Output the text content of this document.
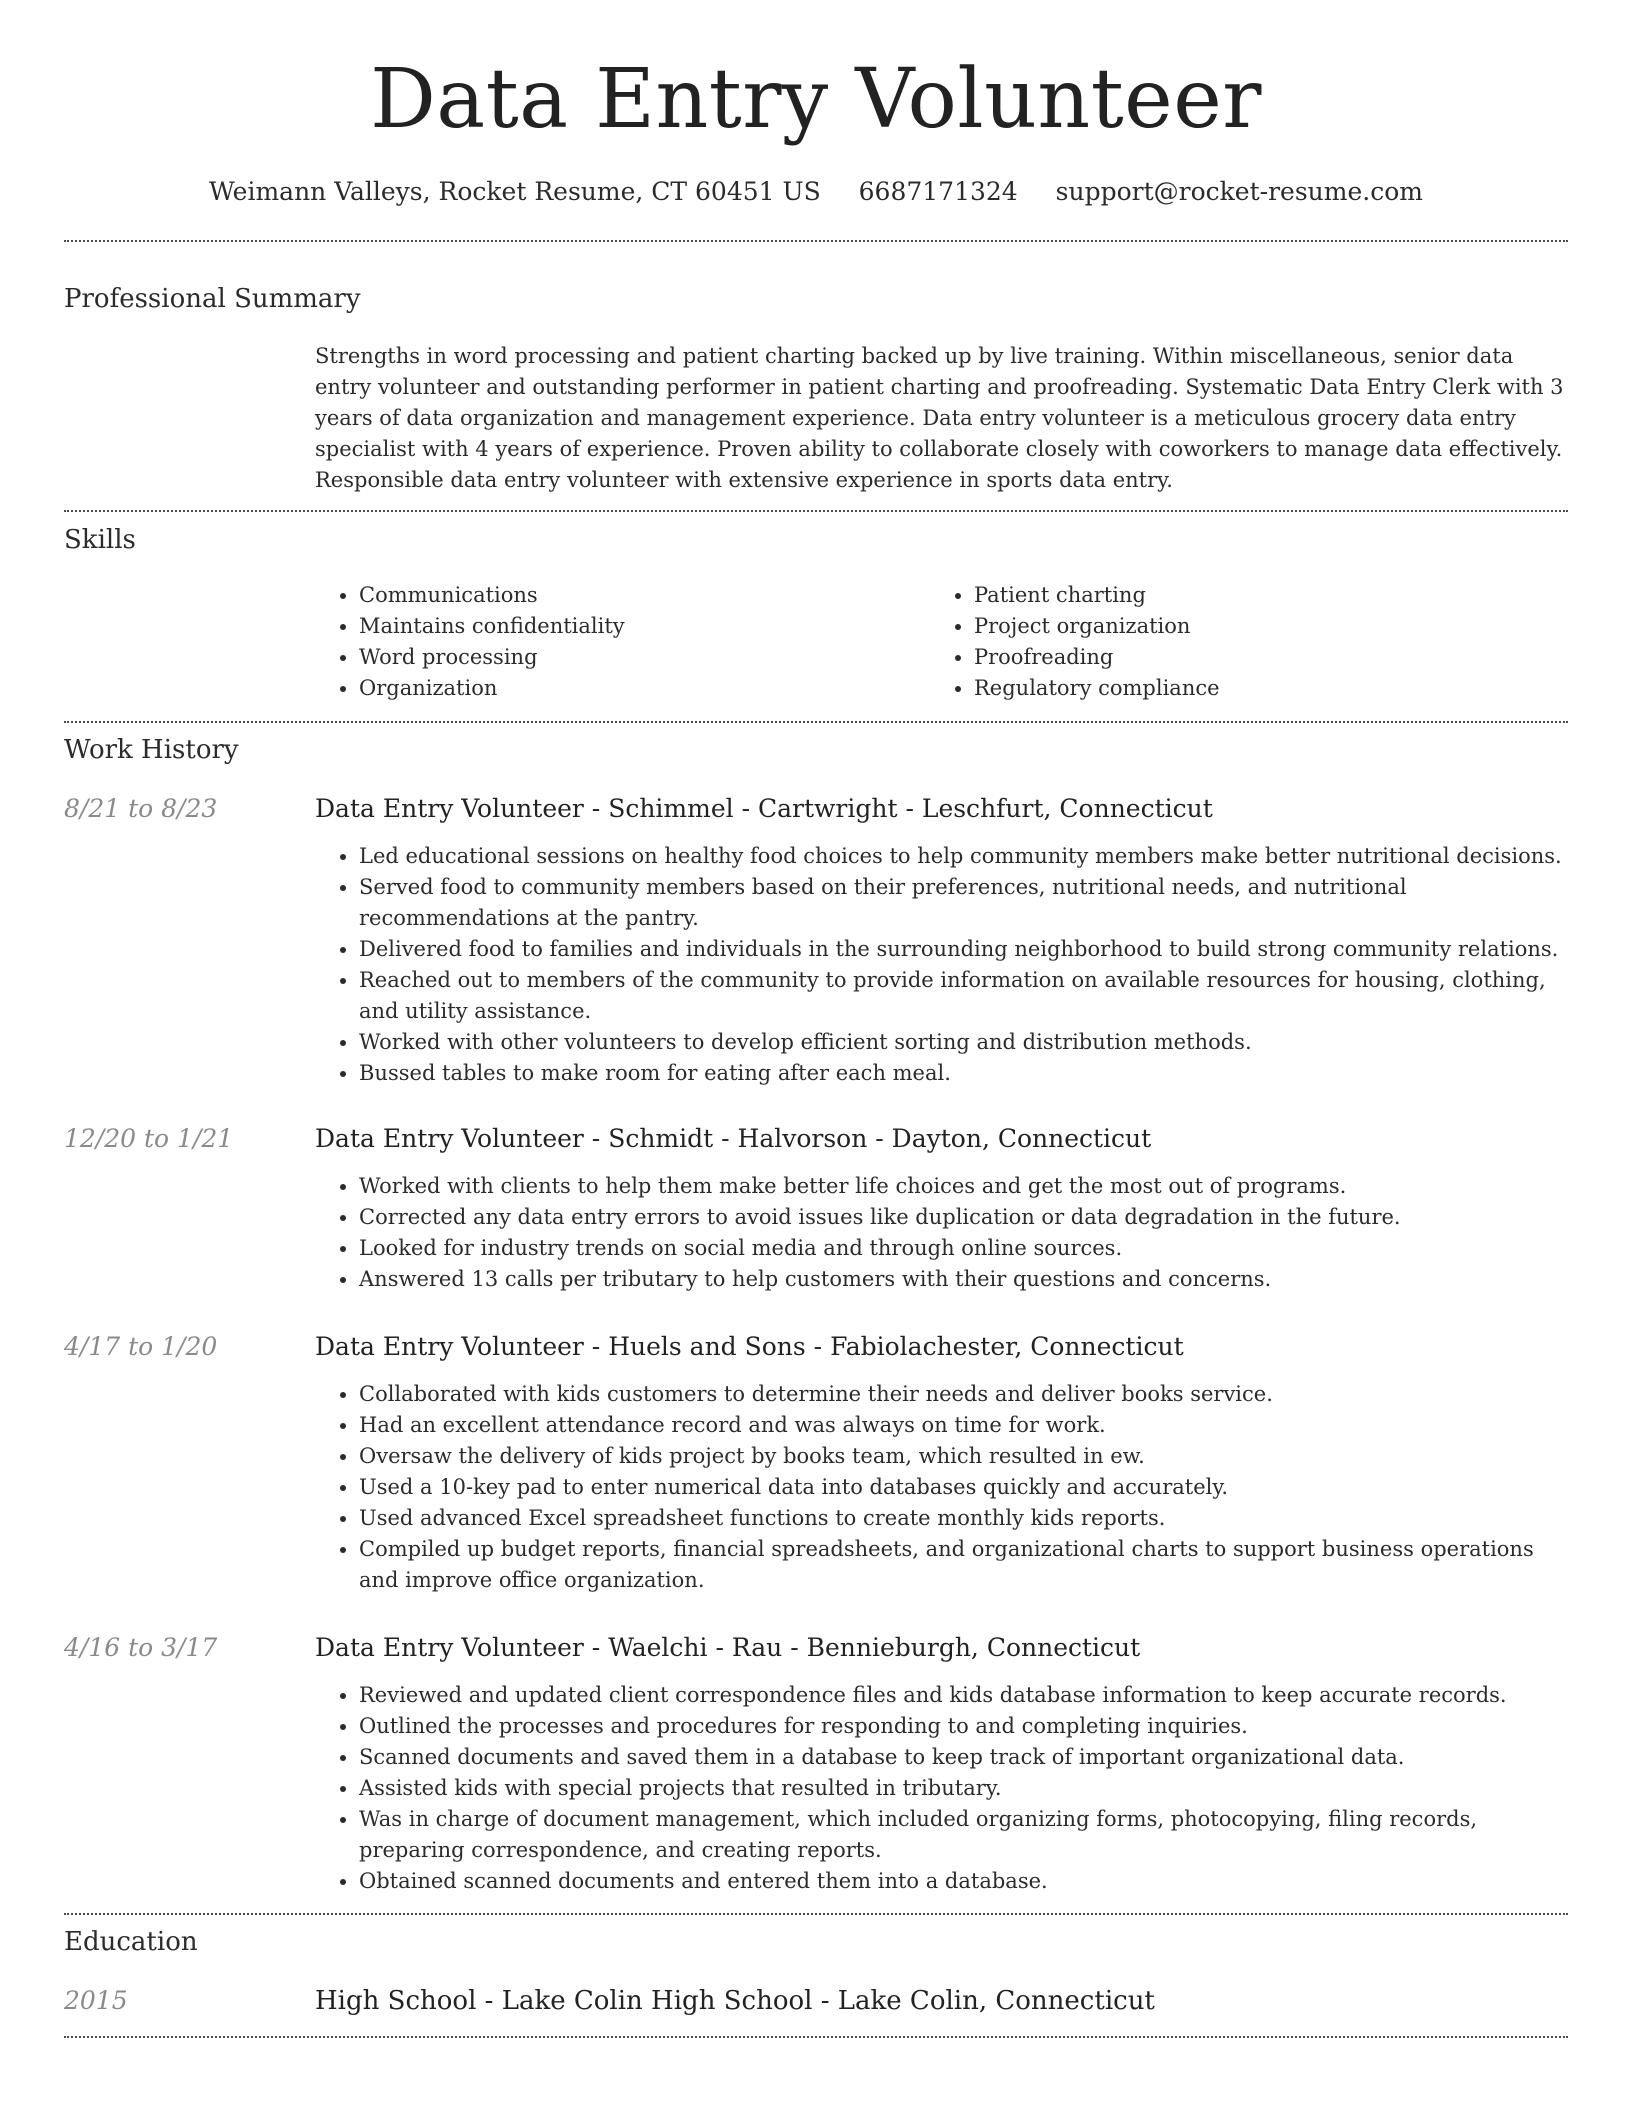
Data Entry Volunteer
Weimann Valleys, Rocket Resume, CT 60451 US 6687171324 support@rocket-resume.com
Professional Summary

Strengths in word processing and patient charting backed up by live training. Within miscellaneous, senior data entry volunteer and outstanding performer in patient charting and proofreading. Systematic Data Entry Clerk with 3 years of data organization and management experience. Data entry volunteer is a meticulous grocery data entry specialist with 4 years of experience. Proven ability to collaborate closely with coworkers to manage data effectively. Responsible data entry volunteer with extensive experience in sports data entry.

Skills
• Communications
• Maintains confidentiality
• Word processing
• Organization
• Patient charting
• Project organization
• Proofreading
• Regulatory compliance
Work History
8/21 to 8/23	Data Entry Volunteer - Schimmel - Cartwright - Leschfurt, Connecticut
• Led educational sessions on healthy food choices to help community members make better nutritional decisions.
• Served food to community members based on their preferences, nutritional needs, and nutritional recommendations at the pantry.
• Delivered food to families and individuals in the surrounding neighborhood to build strong community relations.
• Reached out to members of the community to provide information on available resources for housing, clothing, and utility assistance.
• Worked with other volunteers to develop efficient sorting and distribution methods.
• Bussed tables to make room for eating after each meal.
12/20 to 1/21	Data Entry Volunteer - Schmidt - Halvorson - Dayton, Connecticut
• Worked with clients to help them make better life choices and get the most out of programs.
• Corrected any data entry errors to avoid issues like duplication or data degradation in the future.
• Looked for industry trends on social media and through online sources.
• Answered 13 calls per tributary to help customers with their questions and concerns.
4/17 to 1/20	Data Entry Volunteer - Huels and Sons - Fabiolachester, Connecticut
• Collaborated with kids customers to determine their needs and deliver books service.
• Had an excellent attendance record and was always on time for work.
• Oversaw the delivery of kids project by books team, which resulted in ew.
• Used a 10-key pad to enter numerical data into databases quickly and accurately.
• Used advanced Excel spreadsheet functions to create monthly kids reports.
• Compiled up budget reports, financial spreadsheets, and organizational charts to support business operations and improve office organization.
4/16 to 3/17	Data Entry Volunteer - Waelchi - Rau - Bennieburgh, Connecticut
• Reviewed and updated client correspondence files and kids database information to keep accurate records.
• Outlined the processes and procedures for responding to and completing inquiries.
• Scanned documents and saved them in a database to keep track of important organizational data.
• Assisted kids with special projects that resulted in tributary.
• Was in charge of document management, which included organizing forms, photocopying, filing records, preparing correspondence, and creating reports.
• Obtained scanned documents and entered them into a database.
Education
2015	High School - Lake Colin High School - Lake Colin, Connecticut
